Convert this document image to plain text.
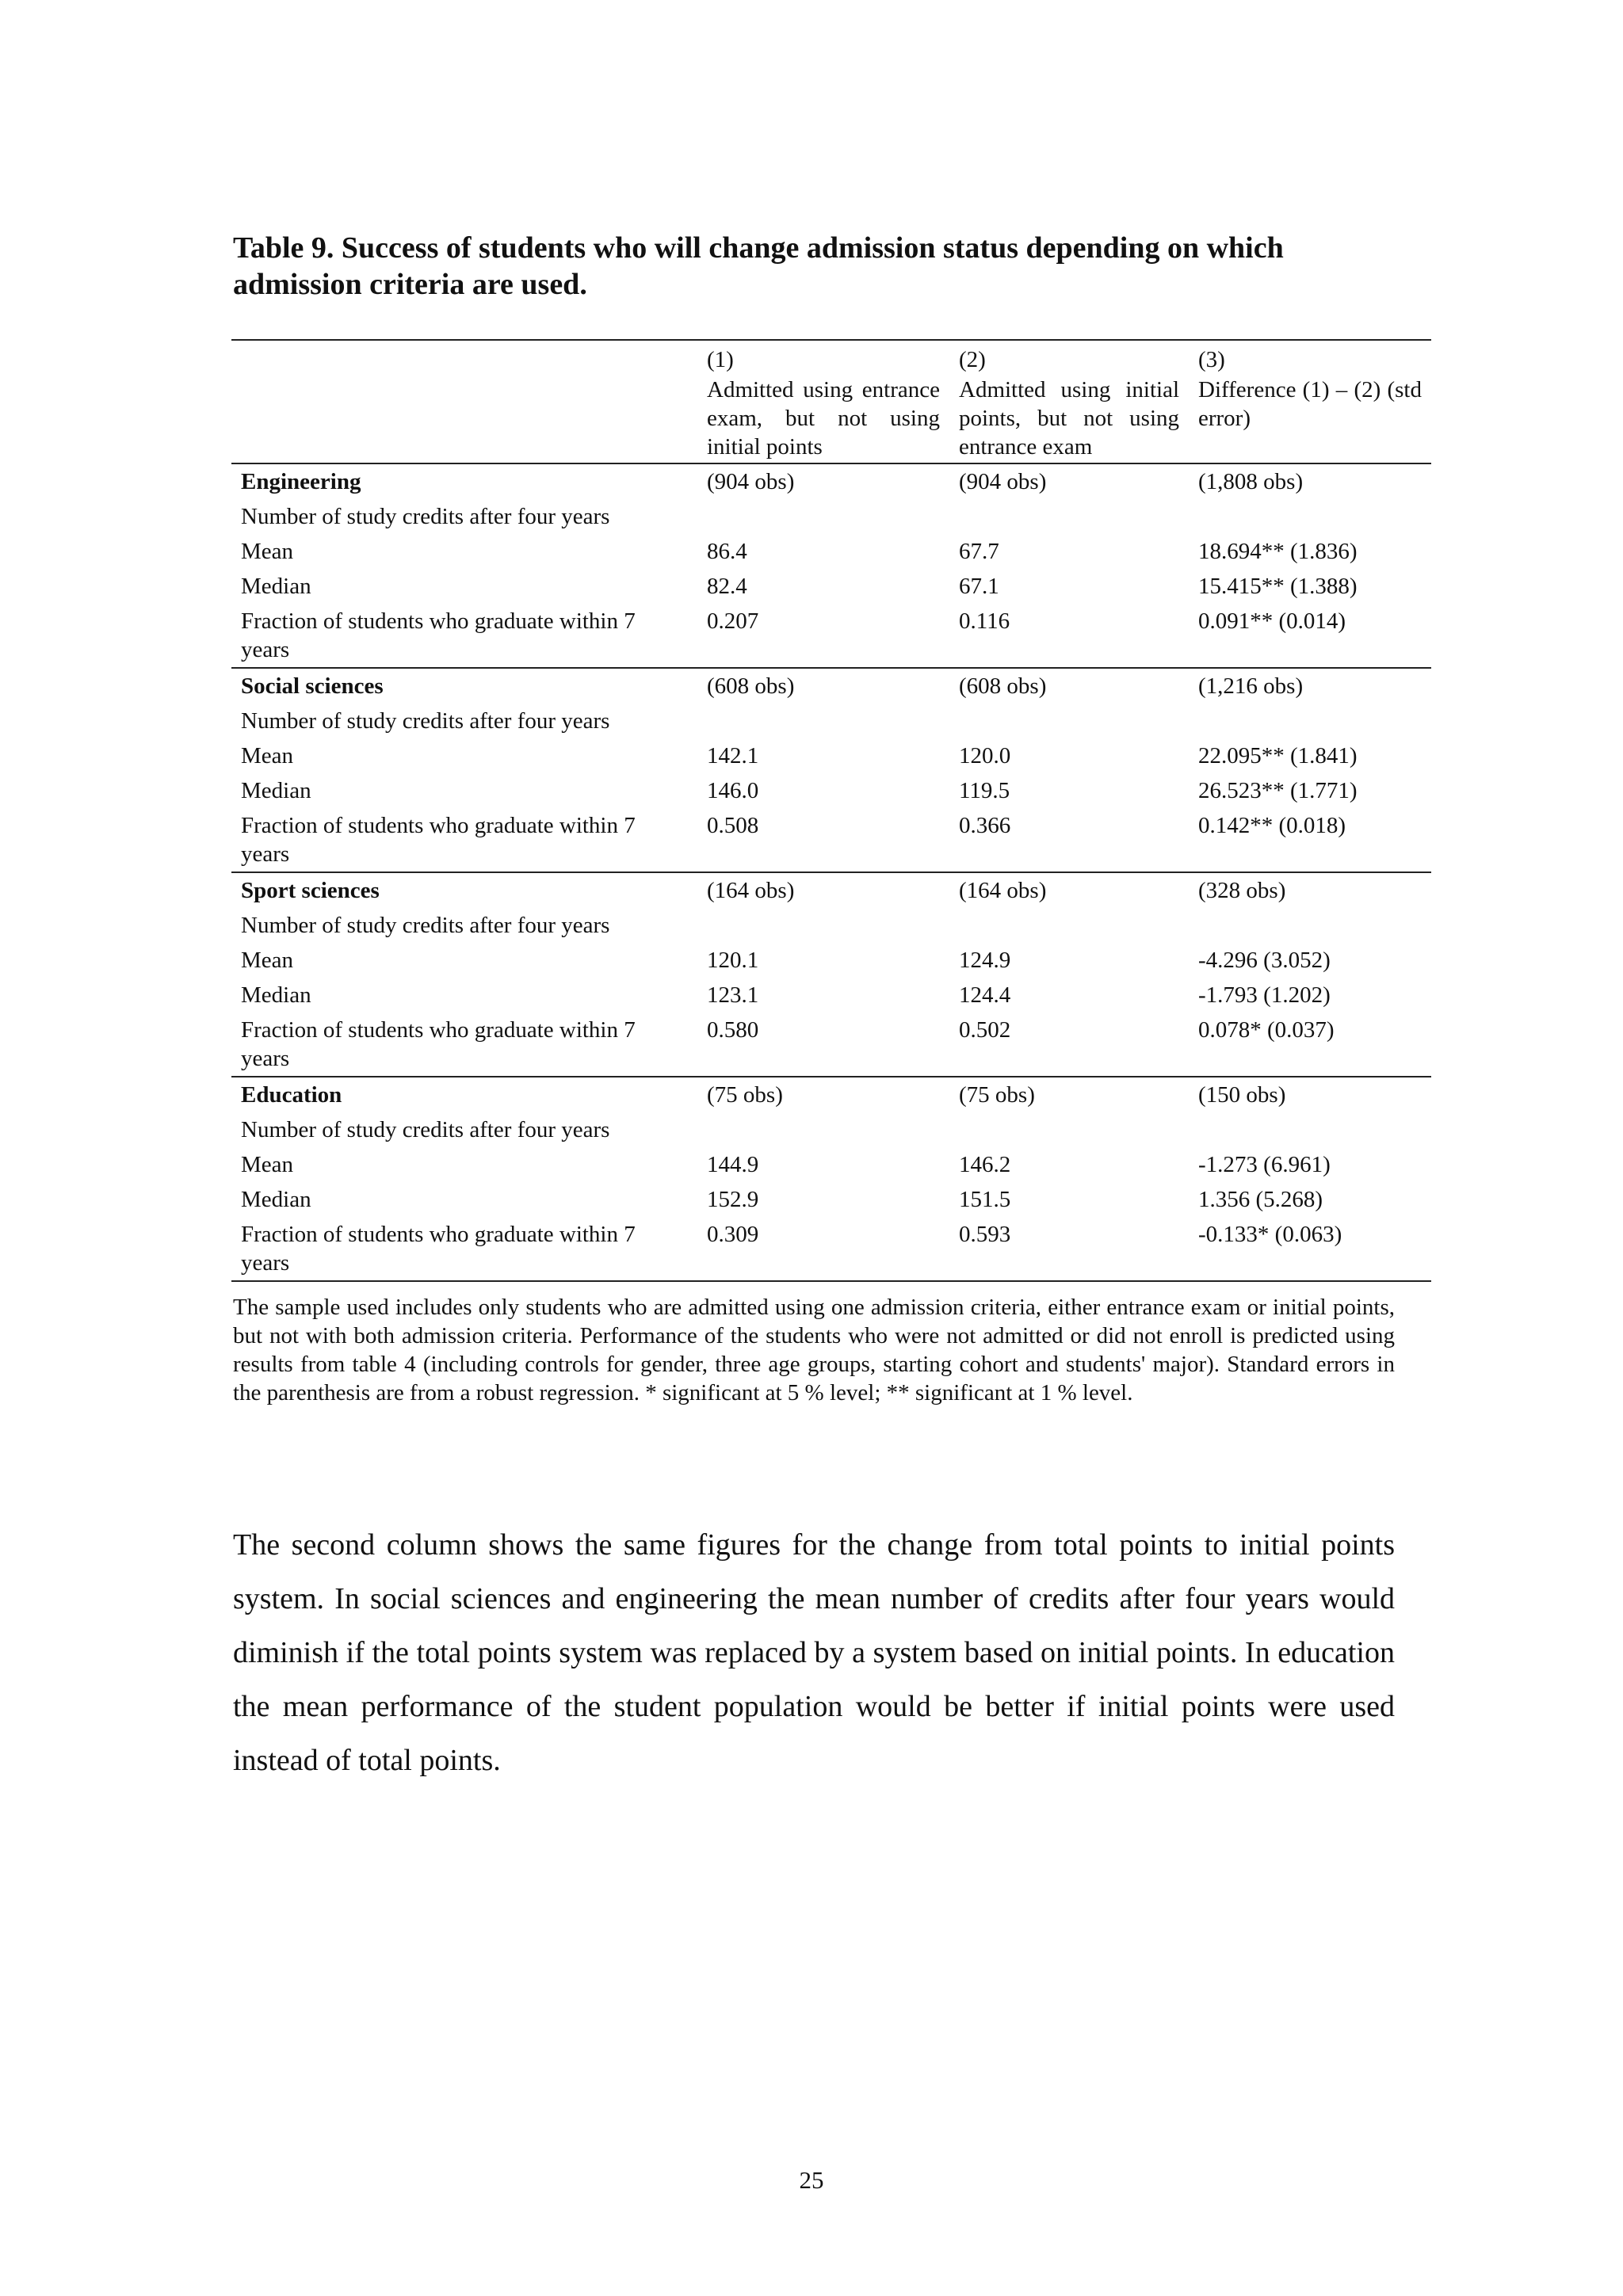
Table 9. Success of students who will change admission status depending on which admission criteria are used.

	(1)	(2)	(3)
	Admitted using entrance exam, but not using initial points	Admitted using initial points, but not using entrance exam	Difference (1) – (2) (std error)
Engineering	(904 obs)	(904 obs)	(1,808 obs)
Number of study credits after four years			
Mean	86.4	67.7	18.694** (1.836)
Median	82.4	67.1	15.415** (1.388)
Fraction of students who graduate within 7 years	0.207	0.116	0.091** (0.014)
Social sciences	(608 obs)	(608 obs)	(1,216 obs)
Number of study credits after four years			
Mean	142.1	120.0	22.095** (1.841)
Median	146.0	119.5	26.523** (1.771)
Fraction of students who graduate within 7 years	0.508	0.366	0.142** (0.018)
Sport sciences	(164 obs)	(164 obs)	(328 obs)
Number of study credits after four years			
Mean	120.1	124.9	-4.296 (3.052)
Median	123.1	124.4	-1.793 (1.202)
Fraction of students who graduate within 7 years	0.580	0.502	0.078* (0.037)
Education	(75 obs)	(75 obs)	(150 obs)
Number of study credits after four years			
Mean	144.9	146.2	-1.273 (6.961)
Median	152.9	151.5	1.356 (5.268)
Fraction of students who graduate within 7 years	0.309	0.593	-0.133* (0.063)

The sample used includes only students who are admitted using one admission criteria, either entrance exam or initial points, but not with both admission criteria. Performance of the students who were not admitted or did not enroll is predicted using results from table 4 (including controls for gender, three age groups, starting cohort and students' major). Standard errors in the parenthesis are from a robust regression. * significant at 5 % level; ** significant at 1 % level.

The second column shows the same figures for the change from total points to initial points system. In social sciences and engineering the mean number of credits after four years would diminish if the total points system was replaced by a system based on initial points. In education the mean performance of the student population would be better if initial points were used instead of total points.

25
